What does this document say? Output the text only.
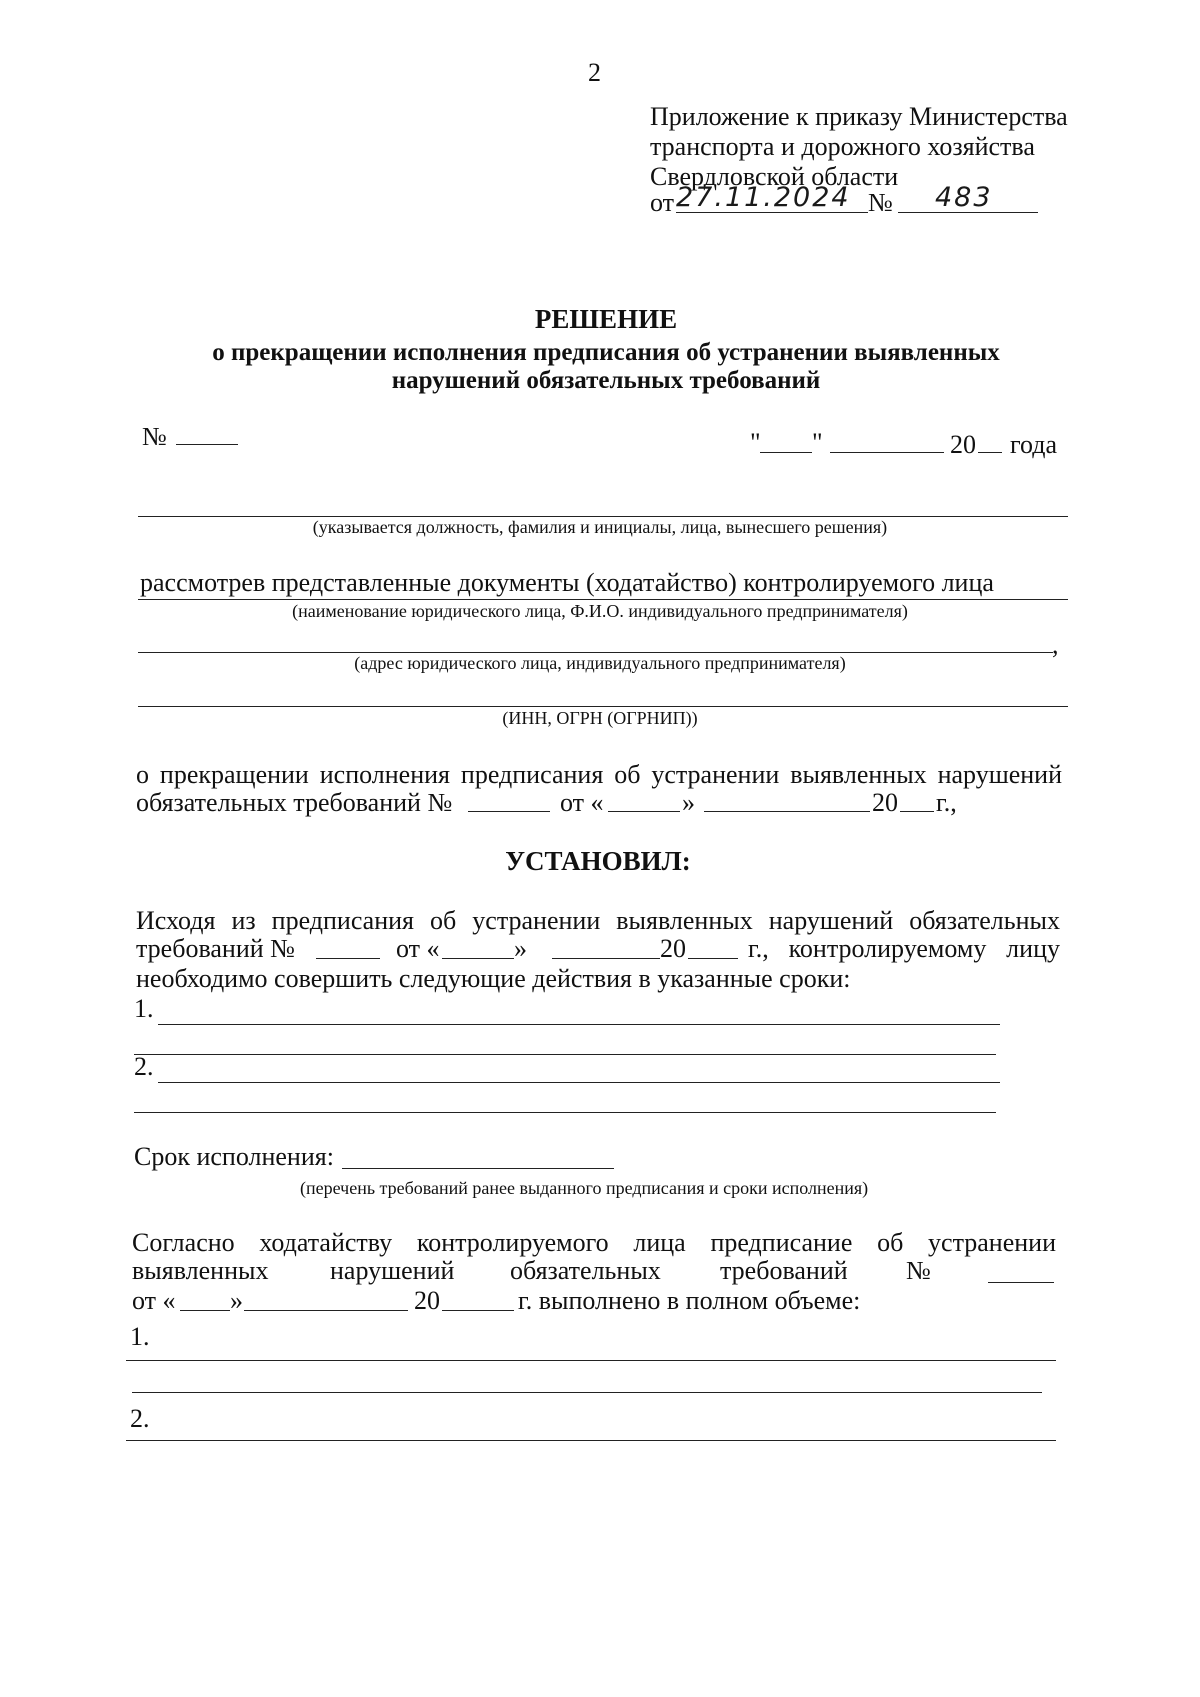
2
Приложение к приказу Министерства
транспорта и дорожного хозяйства
Свердловской области
от 27.11.2024 № 483
РЕШЕНИЕ
о прекращении исполнения предписания об устранении выявленных
нарушений обязательных требований
№	" "	20 года
(указывается должность, фамилия и инициалы, лица, вынесшего решения)
рассмотрев представленные документы (ходатайство) контролируемого лица
(наименование юридического лица, Ф.И.О. индивидуального предпринимателя)
,
(адрес юридического лица, индивидуального предпринимателя)
(ИНН, ОГРН (ОГРНИП))
о прекращении исполнения предписания об устранении выявленных нарушений
обязательных требований №	от «	»	20 г.,
УСТАНОВИЛ:
Исходя из предписания об устранении выявленных нарушений обязательных
требований №	от «	»	20 г., контролируемому лицу
необходимо совершить следующие действия в указанные сроки:
1.
2.
Срок исполнения:
(перечень требований ранее выданного предписания и сроки исполнения)
Согласно ходатайству контролируемого лица предписание об устранении
выявленных нарушений обязательных требований №
от « »	20	г. выполнено в полном объеме:
1.
2.
